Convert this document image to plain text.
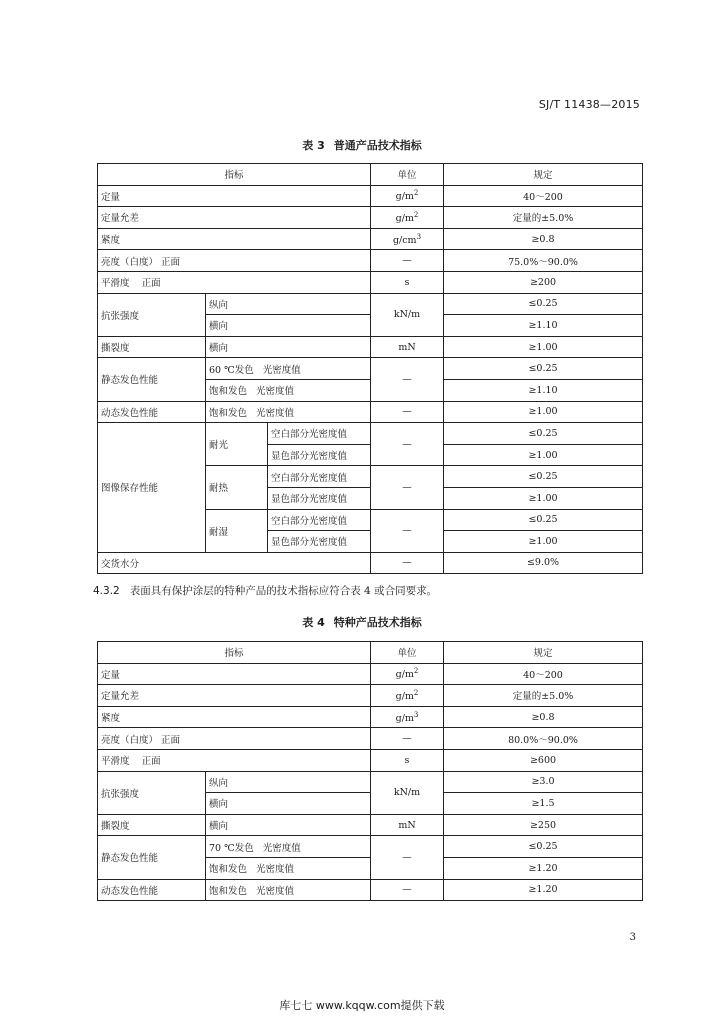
SJ/T 11438—2015
表 3 普通产品技术指标
指标			单位	规定
定量			$g/m^2$	40～200
定量允差			$g/m^2$	定量的±5.0%
紧度			$g/cm^3$	≥0.8
亮度（白度） 正面			—	75.0%～90.0%
平滑度    正面			s	≥200
抗张强度	纵向		kN/m	≤0.25
	横向			≥1.10
撕裂度	横向		mN	≥1.00
静态发色性能	60 ℃发色   光密度值		—	≤0.25
	饱和发色   光密度值			≥1.10
动态发色性能	饱和发色   光密度值		—	≥1.00
图像保存性能	耐光	空白部分光密度值	—	≤0.25
		显色部分光密度值		≥1.00
	耐热	空白部分光密度值	—	≤0.25
		显色部分光密度值		≥1.00
	耐湿	空白部分光密度值	—	≤0.25
		显色部分光密度值		≥1.00
交货水分			—	≤9.0%
4.3.2 表面具有保护涂层的特种产品的技术指标应符合表 4 或合同要求。
表 4 特种产品技术指标
指标		单位	规定
定量		$g/m^2$	40～200
定量允差		$g/m^2$	定量的±5.0%
紧度		$g/m^3$	≥0.8
亮度（白度） 正面		—	80.0%～90.0%
平滑度    正面		s	≥600
抗张强度	纵向	kN/m	≥3.0
	横向		≥1.5
撕裂度	横向	mN	≥250
静态发色性能	70 ℃发色   光密度值	—	≤0.25
	饱和发色   光密度值		≥1.20
动态发色性能	饱和发色   光密度值	—	≥1.20
3
库七七 www.kqqw.com提供下载
